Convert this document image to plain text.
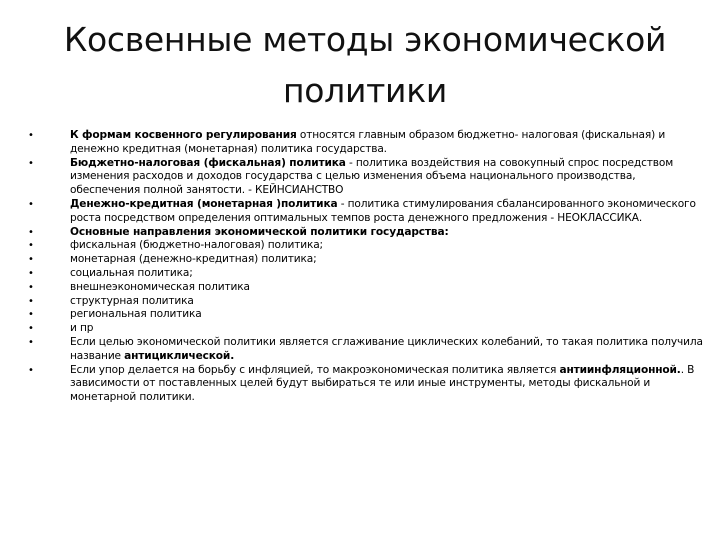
Косвенные методы экономической
политики
• К формам косвенного регулирования относятся главным образом бюджетно- налоговая (фискальная) и денежно кредитная (монетарная) политика государства.
• Бюджетно-налоговая (фискальная) политика - политика воздействия на совокупный спрос посредством изменения расходов и доходов государства с целью изменения объема национального производства, обеспечения полной занятости. - КЕЙНСИАНСТВО
• Денежно-кредитная (монетарная )политика - политика стимулирования сбалансированного экономического роста посредством определения оптимальных темпов роста денежного предложения - НЕОКЛАССИКА.
• Основные направления экономической политики государства:
• фискальная (бюджетно-налоговая) политика;
• монетарная (денежно-кредитная) политика;
• социальная политика;
• внешнеэкономическая политика
• структурная политика
• региональная политика
• и пр
• Если целью экономической политики является сглаживание циклических колебаний, то такая политика получила название антициклической.
• Если упор делается на борьбу с инфляцией, то макроэкономическая политика является антиинфляционной.. В зависимости от поставленных целей будут выбираться те или иные инструменты, методы фискальной и монетарной политики.
